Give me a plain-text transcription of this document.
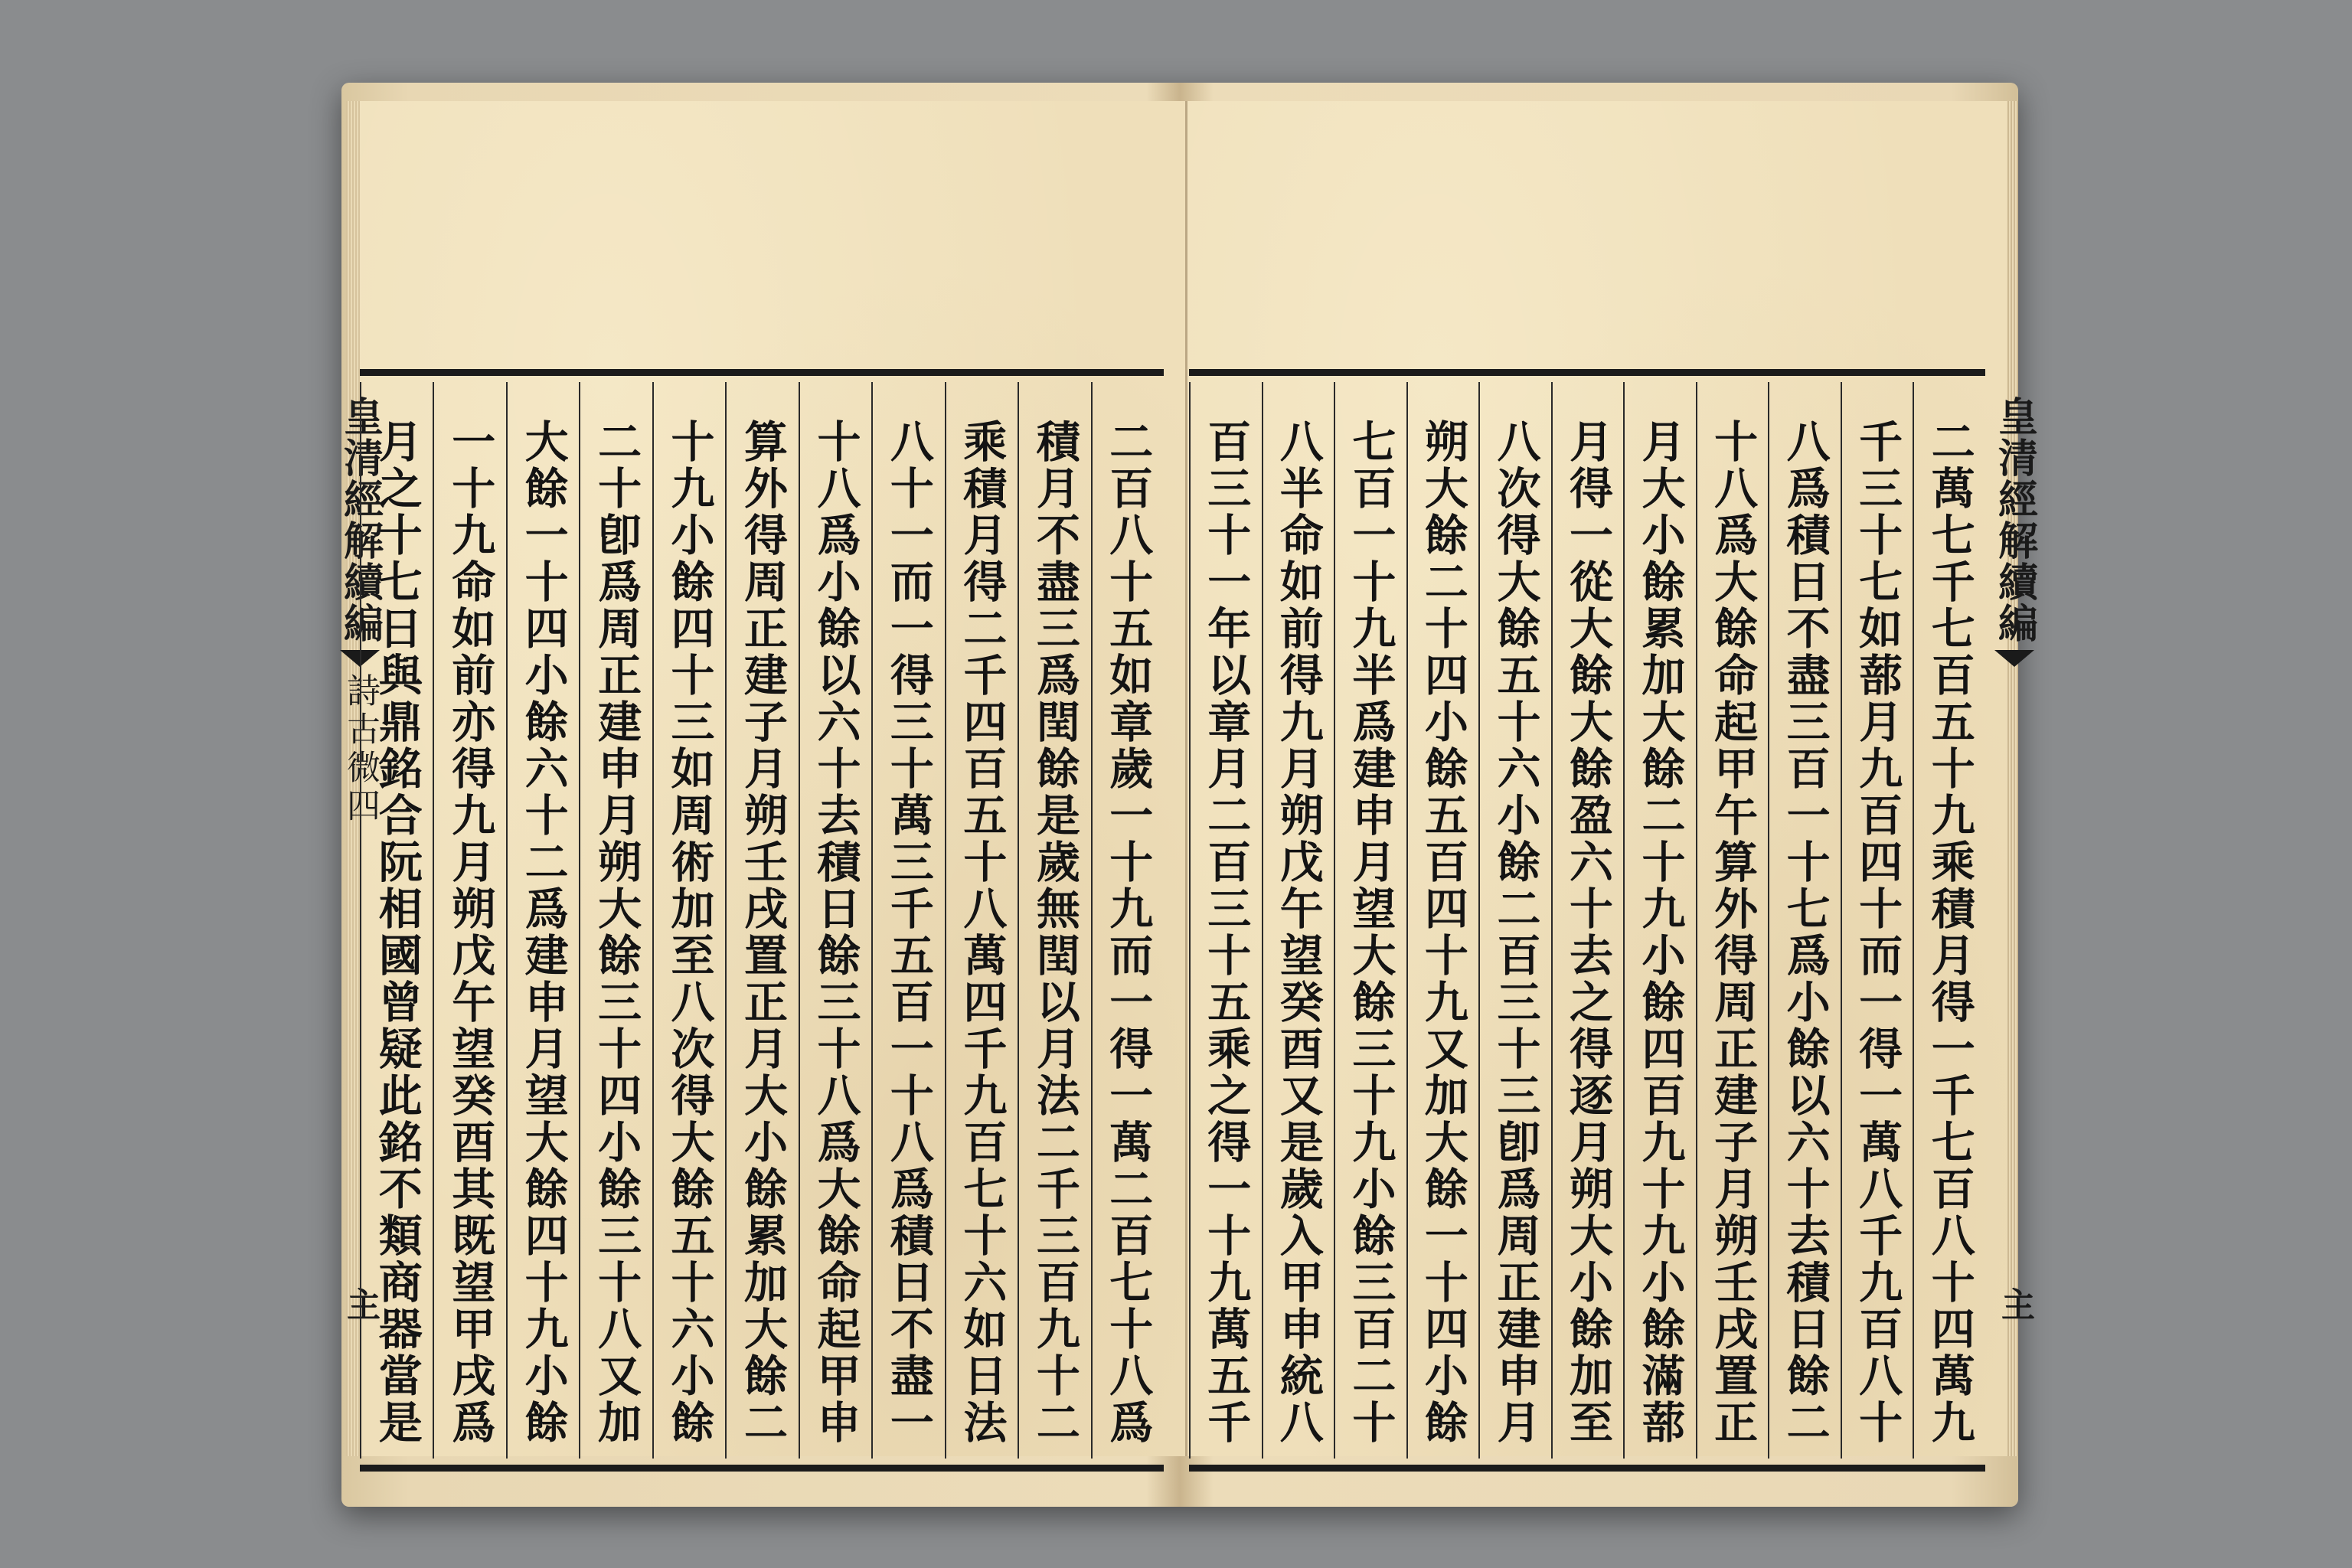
皇清經解續編
詩古微四
主	二百八十五如章歲一十九而一得一萬二百七十八爲
積月不盡三爲閏餘是歲無閏以月法二千三百九十二
乘積月得二千四百五十八萬四千九百七十六如日法
八十一而一得三十萬三千五百一十八爲積日不盡一
十八爲小餘以六十去積日餘三十八爲大餘命起甲申
算外得周正建子月朔壬戌置正月大小餘累加大餘二
十九小餘四十三如周術加至八次得大餘五十六小餘
二十卽爲周正建申月朔大餘三十四小餘三十八又加
大餘一十四小餘六十二爲建申月望大餘四十九小餘
一十九命如前亦得九月朔戊午望癸酉其既望甲戌爲
月之十七日與鼎銘合阮相國曾疑此銘不類商器當是	皇清經解續編
主
二萬七千七百五十九乘積月得一千七百八十四萬九
千三十七如蔀月九百四十而一得一萬八千九百八十
八爲積日不盡三百一十七爲小餘以六十去積日餘二
十八爲大餘命起甲午算外得周正建子月朔壬戌置正
月大小餘累加大餘二十九小餘四百九十九小餘滿蔀
月得一從大餘大餘盈六十去之得逐月朔大小餘加至
八次得大餘五十六小餘二百三十三卽爲周正建申月
朔大餘二十四小餘五百四十九又加大餘一十四小餘
七百一十九半爲建申月望大餘三十九小餘三百二十
八半命如前得九月朔戊午望癸酉又是歲入甲申統八
百三十一年以章月二百三十五乘之得一十九萬五千
